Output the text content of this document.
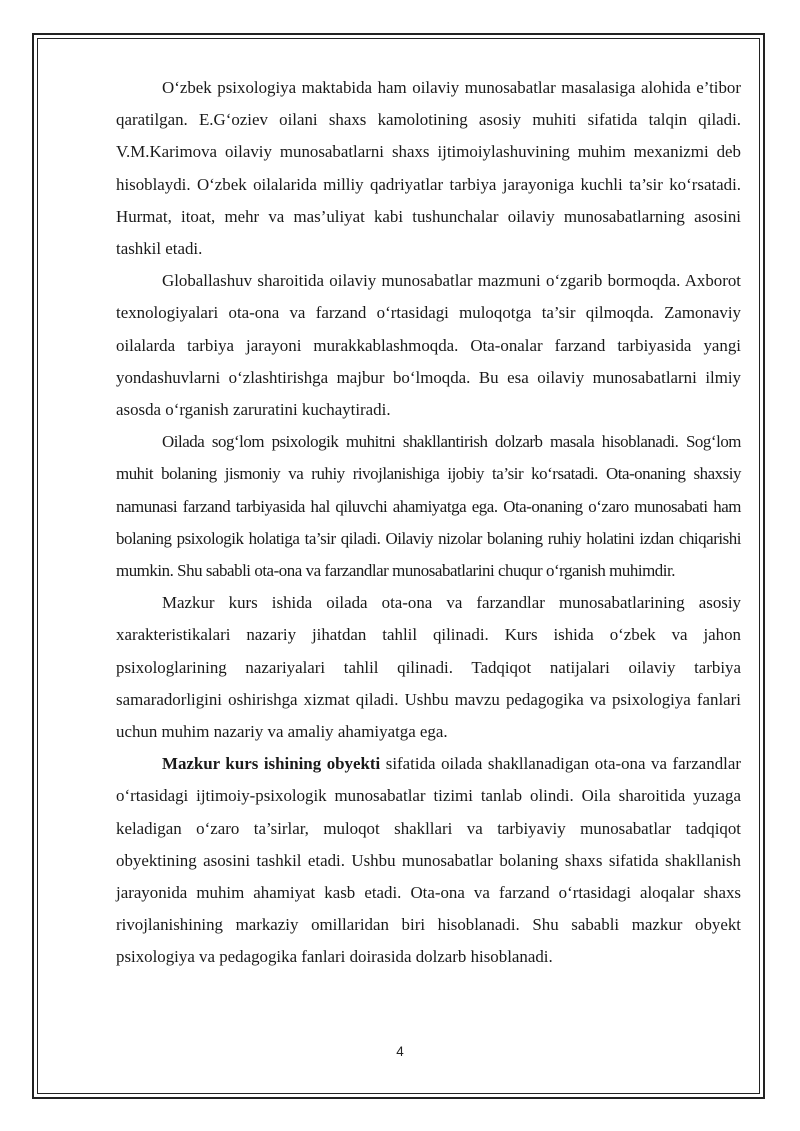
O‘zbek psixologiya maktabida ham oilaviy munosabatlar masalasiga alohida e’tibor qaratilgan. E.G‘oziev oilani shaxs kamolotining asosiy muhiti sifatida talqin qiladi. V.M.Karimova oilaviy munosabatlarni shaxs ijtimoiylashuvining muhim mexanizmi deb hisoblaydi. O‘zbek oilalarida milliy qadriyatlar tarbiya jarayoniga kuchli ta’sir ko‘rsatadi. Hurmat, itoat, mehr va mas’uliyat kabi tushunchalar oilaviy munosabatlarning asosini tashkil etadi.

Globallashuv sharoitida oilaviy munosabatlar mazmuni o‘zgarib bormoqda. Axborot texnologiyalari ota-ona va farzand o‘rtasidagi muloqotga ta’sir qilmoqda. Zamonaviy oilalarda tarbiya jarayoni murakkablashmoqda. Ota-onalar farzand tarbiyasida yangi yondashuvlarni o‘zlashtirishga majbur bo‘lmoqda. Bu esa oilaviy munosabatlarni ilmiy asosda o‘rganish zaruratini kuchaytiradi.

Oilada sog‘lom psixologik muhitni shakllantirish dolzarb masala hisoblanadi. Sog‘lom muhit bolaning jismoniy va ruhiy rivojlanishiga ijobiy ta’sir ko‘rsatadi. Ota-onaning shaxsiy namunasi farzand tarbiyasida hal qiluvchi ahamiyatga ega. Ota-onaning o‘zaro munosabati ham bolaning psixologik holatiga ta’sir qiladi. Oilaviy nizolar bolaning ruhiy holatini izdan chiqarishi mumkin. Shu sababli ota-ona va farzandlar munosabatlarini chuqur o‘rganish muhimdir.

Mazkur kurs ishida oilada ota-ona va farzandlar munosabatlarining asosiy xarakteristikalari nazariy jihatdan tahlil qilinadi. Kurs ishida o‘zbek va jahon psixologlarining nazariyalari tahlil qilinadi. Tadqiqot natijalari oilaviy tarbiya samaradorligini oshirishga xizmat qiladi. Ushbu mavzu pedagogika va psixologiya fanlari uchun muhim nazariy va amaliy ahamiyatga ega.

Mazkur kurs ishining obyekti sifatida oilada shakllanadigan ota-ona va farzandlar o‘rtasidagi ijtimoiy-psixologik munosabatlar tizimi tanlab olindi. Oila sharoitida yuzaga keladigan o‘zaro ta’sirlar, muloqot shakllari va tarbiyaviy munosabatlar tadqiqot obyektining asosini tashkil etadi. Ushbu munosabatlar bolaning shaxs sifatida shakllanish jarayonida muhim ahamiyat kasb etadi. Ota-ona va farzand o‘rtasidagi aloqalar shaxs rivojlanishining markaziy omillaridan biri hisoblanadi. Shu sababli mazkur obyekt psixologiya va pedagogika fanlari doirasida dolzarb hisoblanadi.

4
